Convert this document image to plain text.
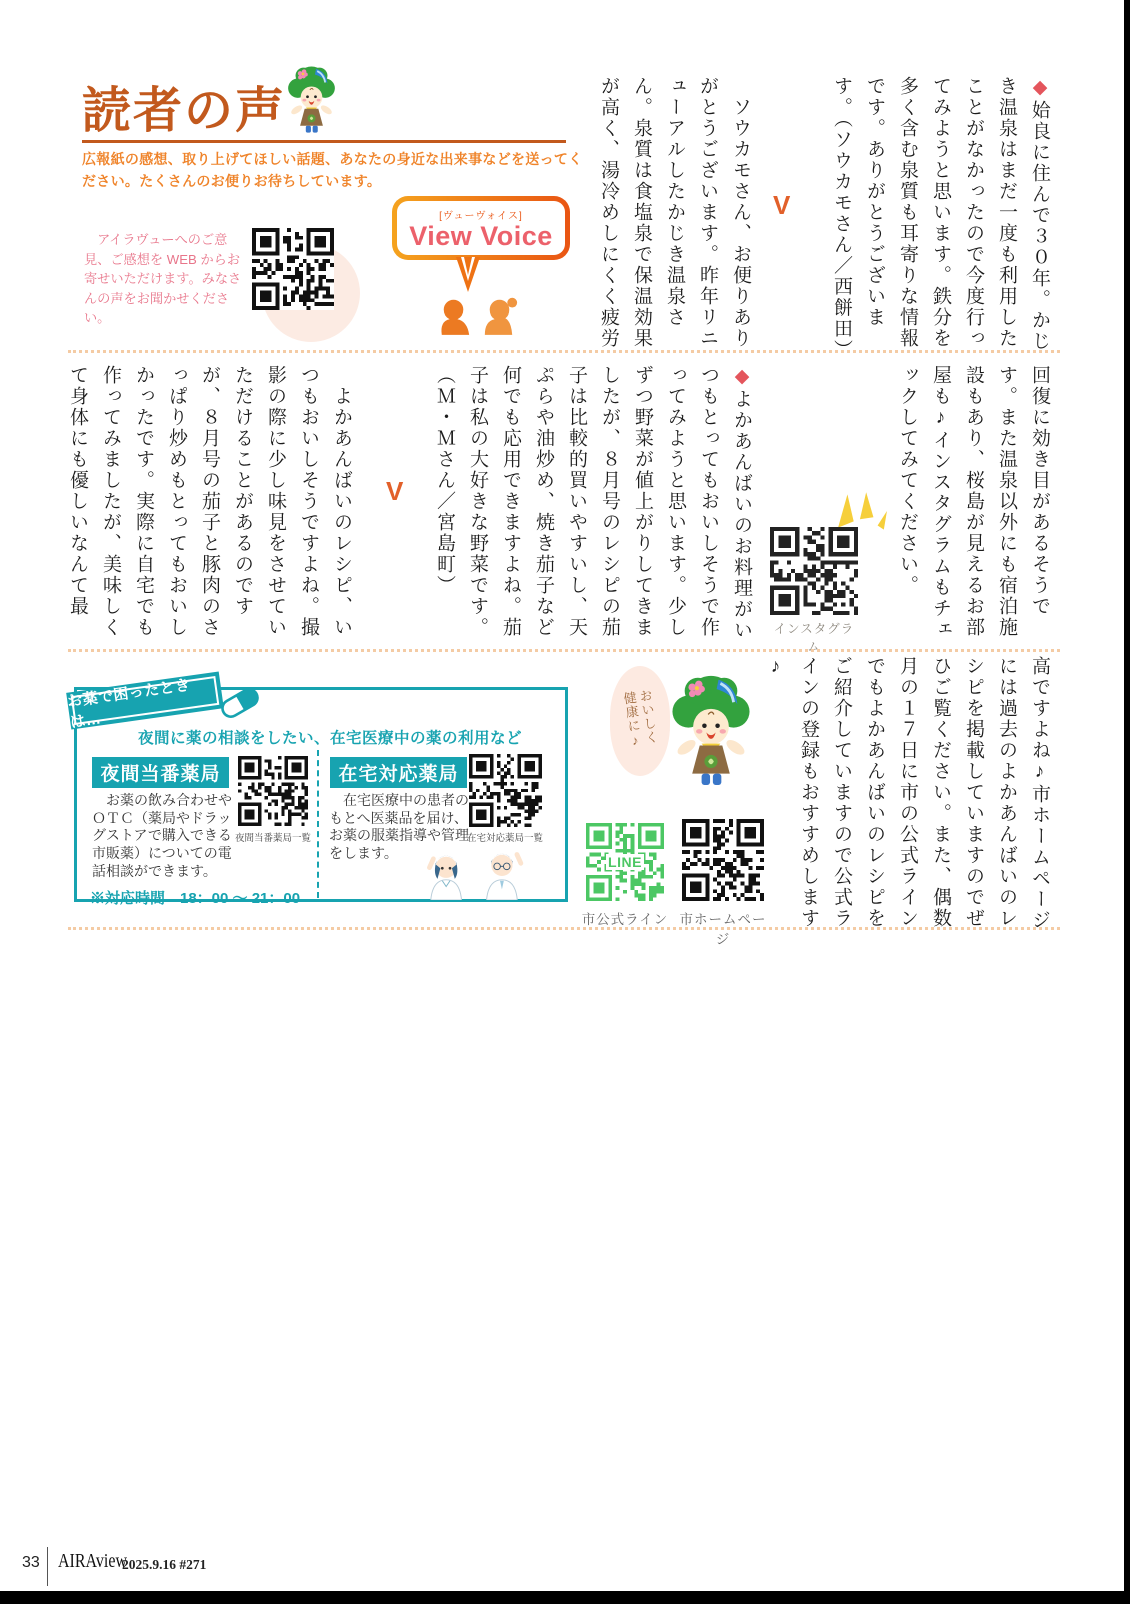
読者の声

広報紙の感想、取り上げてほしい話題、あなたの身近な出来事などを送ってください。たくさんのお便りお待ちしています。

　アイラヴューへのご意見、ご感想を WEB からお寄せいただけます。みなさんの声をお聞かせください。

[ヴューヴォイス]
View Voice
◆姶良に住んで３０年。かじき温泉はまだ一度も利用したことがなかったので今度行ってみようと思います。鉄分を多く含む泉質も耳寄りな情報です。ありがとうございます。（ソウカモさん／西餅田）
V
　ソウカモさん、お便りありがとうございます。昨年リニューアルしたかじき温泉さん。泉質は食塩泉で保温効果が高く、湯冷めしにくく疲労
回復に効き目があるそうです。また温泉以外にも宿泊施設もあり、桜島が見えるお部屋も♪インスタグラムもチェックしてみてください。
インスタグラム
◆よかあんばいのお料理がいつもとってもおいしそうで作ってみようと思います。少しずつ野菜が値上がりしてきましたが、８月号のレシピの茄子は比較的買いやすいし、天ぷらや油炒め、焼き茄子など何でも応用できますよね。茄子は私の大好きな野菜です。（Ｍ・Ｍさん／宮島町）
V
　よかあんばいのレシピ、いつもおいしそうですよね。撮影の際に少し味見をさせていただけることがあるのですが、８月号の茄子と豚肉のさっぱり炒めもとってもおいしかったです。実際に自宅でも作ってみましたが、美味しくて身体にも優しいなんて最
高ですよね♪市ホームページには過去のよかあんばいのレシピを掲載していますのでぜひご覧ください。また、偶数月の１７日に市の公式ラインでもよかあんばいのレシピをご紹介していますので公式ラインの登録もおすすめします♪
お薬で困ったときは…
夜間に薬の相談をしたい、在宅医療中の薬の利用など
夜間当番薬局
夜間当番薬局一覧

　お薬の飲み合わせやＯＴＣ（薬局やドラッグストアで購入できる市販薬）についての電話相談ができます。

※対応時間　18：00 ～ 21：00
在宅対応薬局
在宅対応薬局一覧

　在宅医療中の患者のもとへ医薬品を届け、お薬の服薬指導や管理をします。

おいしく健康に♪
LINE
市公式ライン 市ホームページ
33 AIRAview
2025.9.16 #271
